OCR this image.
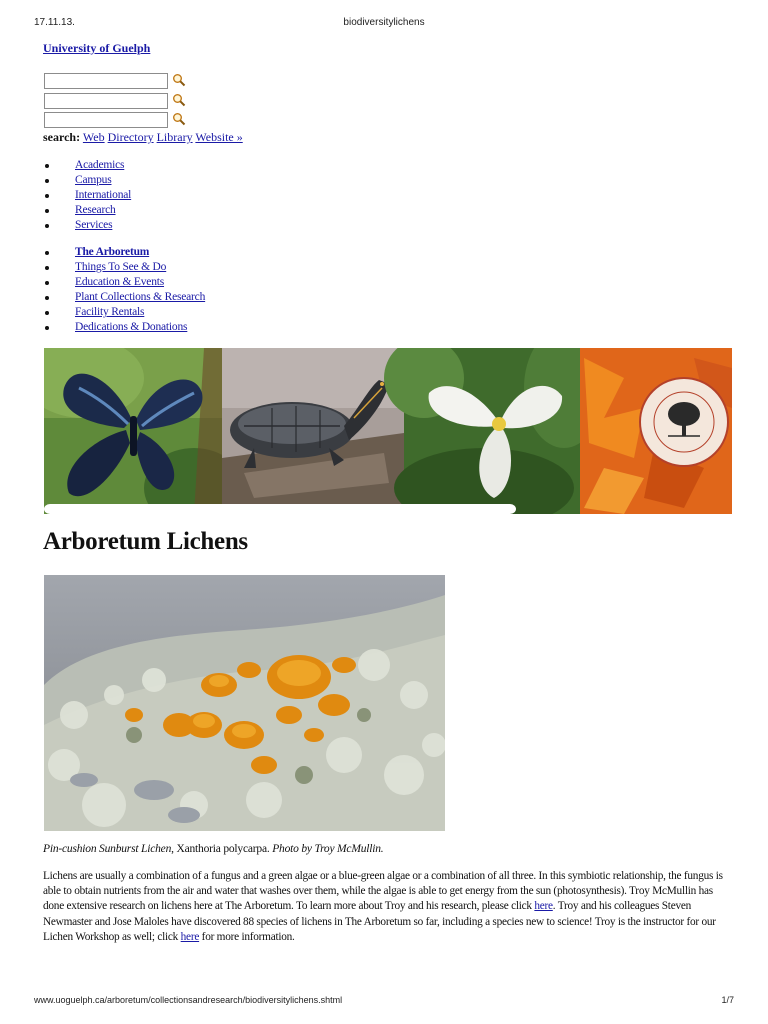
17.11.13.	biodiversitylichens
University of Guelph
search: Web Directory Library Website »
Academics
Campus
International
Research
Services
The Arboretum
Things To See & Do
Education & Events
Plant Collections & Research
Facility Rentals
Dedications & Donations
Arboretum Lichens
Pin-cushion Sunburst Lichen, Xanthoria polycarpa. Photo by Troy McMullin.
Lichens are usually a combination of a fungus and a green algae or a blue-green algae or a combination of all three. In this symbiotic relationship, the fungus is able to obtain nutrients from the air and water that washes over them, while the algae is able to get energy from the sun (photosynthesis). Troy McMullin has done extensive research on lichens here at The Arboretum. To learn more about Troy and his research, please click here. Troy and his colleagues Steven Newmaster and Jose Maloles have discovered 88 species of lichens in The Arboretum so far, including a species new to science! Troy is the instructor for our Lichen Workshop as well; click here for more information.
www.uoguelph.ca/arboretum/collectionsandresearch/biodiversitylichens.shtml	1/7
